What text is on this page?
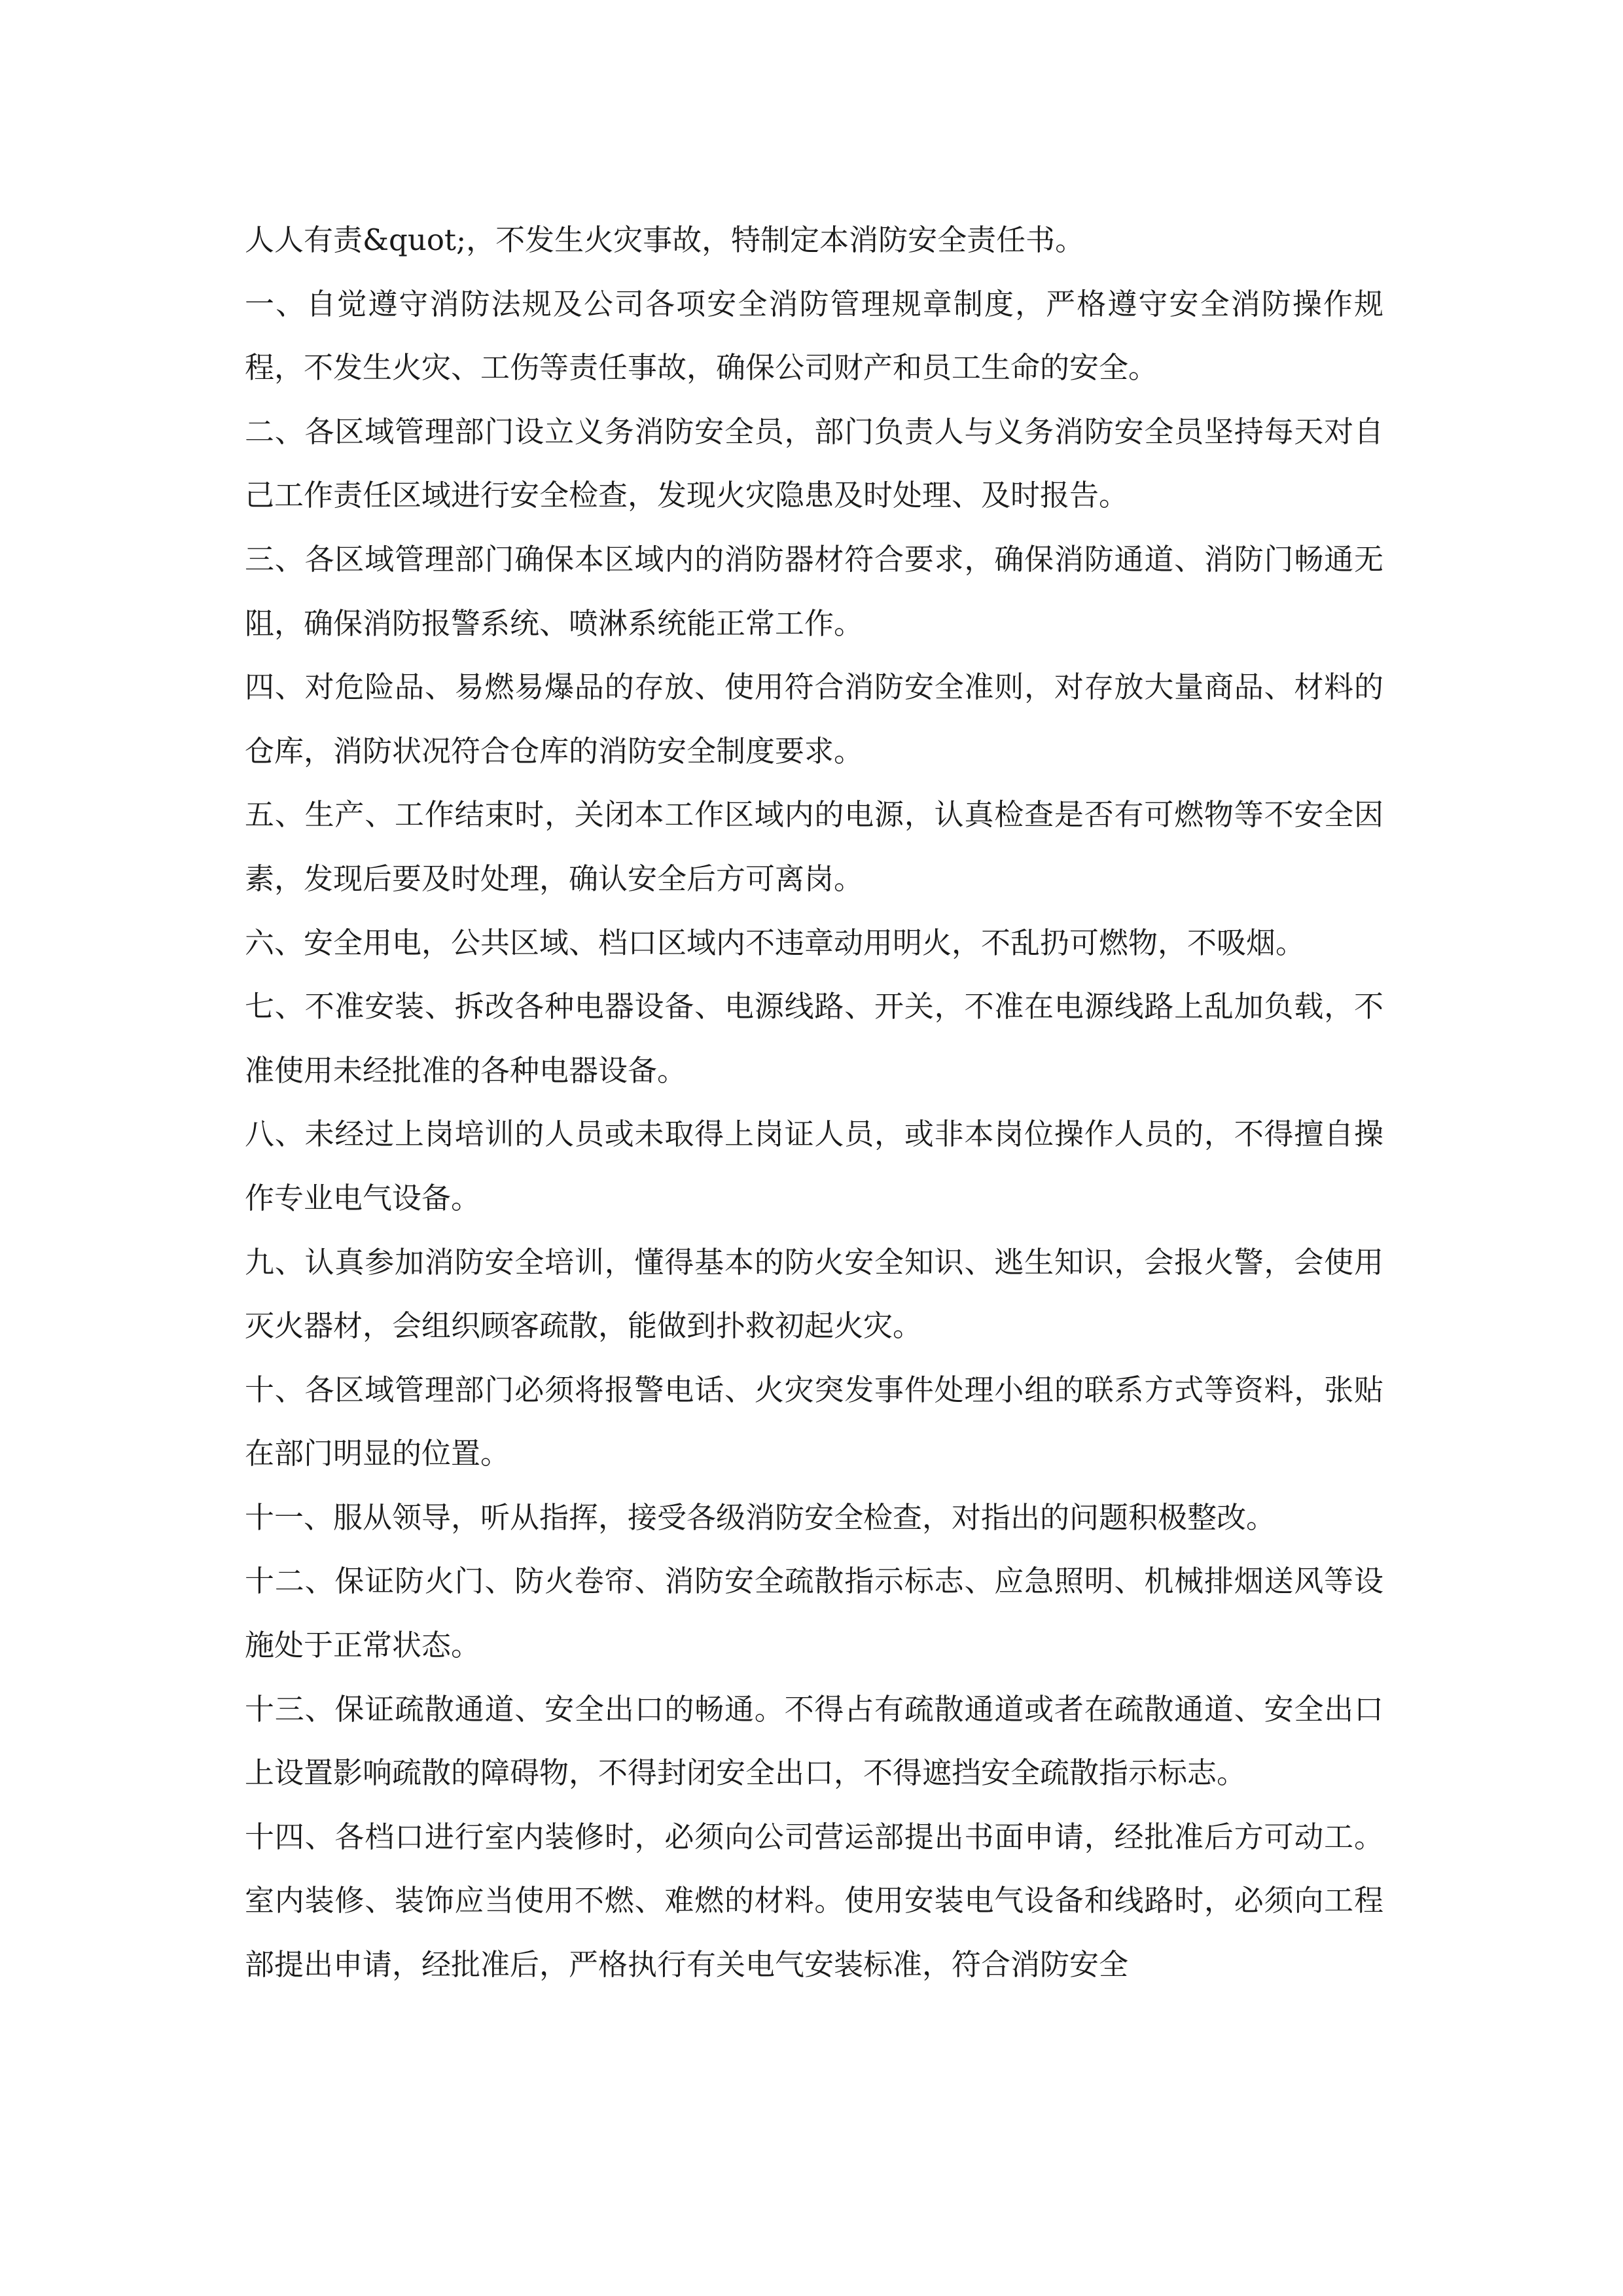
人人有责&quot;，不发生火灾事故，特制定本消防安全责任书。

一、自觉遵守消防法规及公司各项安全消防管理规章制度，严格遵守安全消防操作规程，不发生火灾、工伤等责任事故，确保公司财产和员工生命的安全。

二、各区域管理部门设立义务消防安全员，部门负责人与义务消防安全员坚持每天对自己工作责任区域进行安全检查，发现火灾隐患及时处理、及时报告。

三、各区域管理部门确保本区域内的消防器材符合要求，确保消防通道、消防门畅通无阻，确保消防报警系统、喷淋系统能正常工作。

四、对危险品、易燃易爆品的存放、使用符合消防安全准则，对存放大量商品、材料的仓库，消防状况符合仓库的消防安全制度要求。

五、生产、工作结束时，关闭本工作区域内的电源，认真检查是否有可燃物等不安全因素，发现后要及时处理，确认安全后方可离岗。

六、安全用电，公共区域、档口区域内不违章动用明火，不乱扔可燃物，不吸烟。

七、不准安装、拆改各种电器设备、电源线路、开关，不准在电源线路上乱加负载，不准使用未经批准的各种电器设备。

八、未经过上岗培训的人员或未取得上岗证人员，或非本岗位操作人员的，不得擅自操作专业电气设备。

九、认真参加消防安全培训，懂得基本的防火安全知识、逃生知识，会报火警，会使用灭火器材，会组织顾客疏散，能做到扑救初起火灾。

十、各区域管理部门必须将报警电话、火灾突发事件处理小组的联系方式等资料，张贴在部门明显的位置。

十一、服从领导，听从指挥，接受各级消防安全检查，对指出的问题积极整改。

十二、保证防火门、防火卷帘、消防安全疏散指示标志、应急照明、机械排烟送风等设施处于正常状态。

十三、保证疏散通道、安全出口的畅通。不得占有疏散通道或者在疏散通道、安全出口上设置影响疏散的障碍物，不得封闭安全出口，不得遮挡安全疏散指示标志。

十四、各档口进行室内装修时，必须向公司营运部提出书面申请，经批准后方可动工。室内装修、装饰应当使用不燃、难燃的材料。使用安装电气设备和线路时，必须向工程部提出申请，经批准后，严格执行有关电气安装标准，符合消防安全
